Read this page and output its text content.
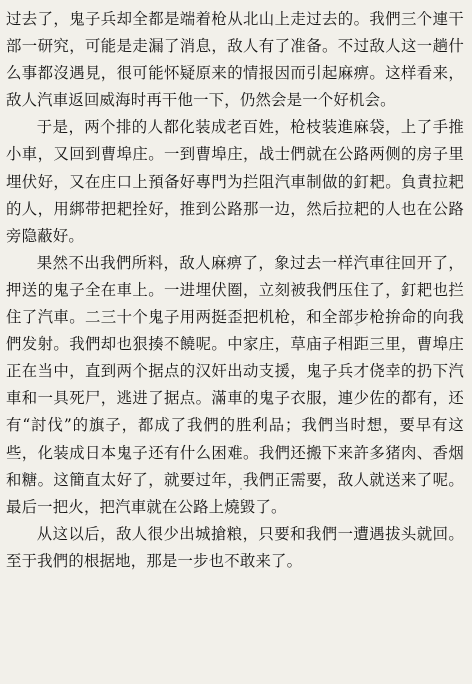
过去了，鬼子兵却全都是端着枪从北山上走过去的。我們三个連干部一研究，可能是走漏了消息，敌人有了准备。不过敌人这一趟什么事都沒遇見，很可能怀疑原来的情报因而引起麻痹。这样看来，敌人汽車返回威海时再干他一下，仍然会是一个好机会。

于是，两个排的人都化装成老百姓，枪枝装進麻袋，上了手推小車，又回到曹埠庄。一到曹埠庄，战士們就在公路两侧的房子里埋伏好，又在庄口上預备好專門为拦阻汽車制做的釘耙。負責拉耙的人，用綁带把耙拴好，推到公路那一边，然后拉耙的人也在公路旁隐蔽好。

果然不出我們所料，敌人麻痹了，象过去一样汽車往回开了，押送的鬼子全在車上。一进埋伏圈，立刻被我們压住了，釘耙也拦住了汽車。二三十个鬼子用两挺歪把机枪，和全部步枪拚命的向我們发射。我們却也狠揍不饒呢。中家庄，草庙子相距三里，曹埠庄正在当中，直到两个据点的汉奸出动支援，鬼子兵才侥幸的扔下汽車和一具死尸，逃进了据点。滿車的鬼子衣服，連少佐的都有，还有“討伐”的旗子，都成了我們的胜利品；我們当时想，要早有这些，化装成日本鬼子还有什么困难。我們还搬下来許多猪肉、香烟和糖。这簡直太好了，就要过年，我們正需要，敌人就送来了呢。最后一把火，把汽車就在公路上燒毀了。

从这以后，敌人很少出城搶粮，只要和我們一遭遇拔头就回。至于我們的根据地，那是一步也不敢来了。
